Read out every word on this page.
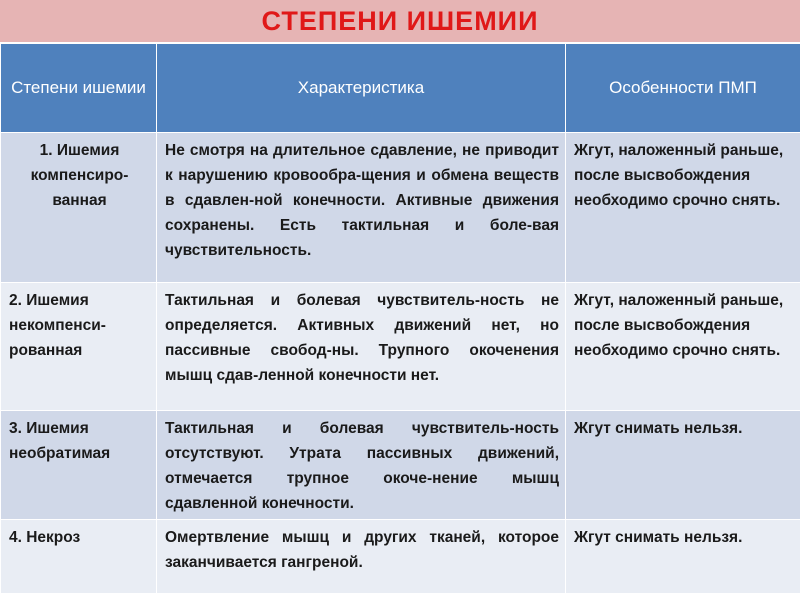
СТЕПЕНИ ИШЕМИИ
Степени ишемии	Характеристика	Особенности ПМП
1. Ишемия компенсиро-ванная	Не смотря на длительное сдавление, не приводит к нарушению кровообра-щения и обмена веществ в сдавлен-ной конечности. Активные движения сохранены. Есть тактильная и боле-вая чувствительность.	Жгут, наложенный раньше, после высвобождения необходимо срочно снять.
2. Ишемия некомпенси-рованная	Тактильная и болевая чувствитель-ность не определяется. Активных движений нет, но пассивные свобод-ны. Трупного окоченения мышц сдав-ленной конечности нет.	Жгут, наложенный раньше, после высвобождения необходимо срочно снять.
3. Ишемия необратимая	Тактильная и болевая чувствитель-ность отсутствуют. Утрата пассивных движений, отмечается трупное окоче-нение мышц сдавленной конечности.	Жгут снимать нельзя.
4. Некроз	Омертвление мышц и других тканей, которое заканчивается гангреной.	Жгут снимать нельзя.
